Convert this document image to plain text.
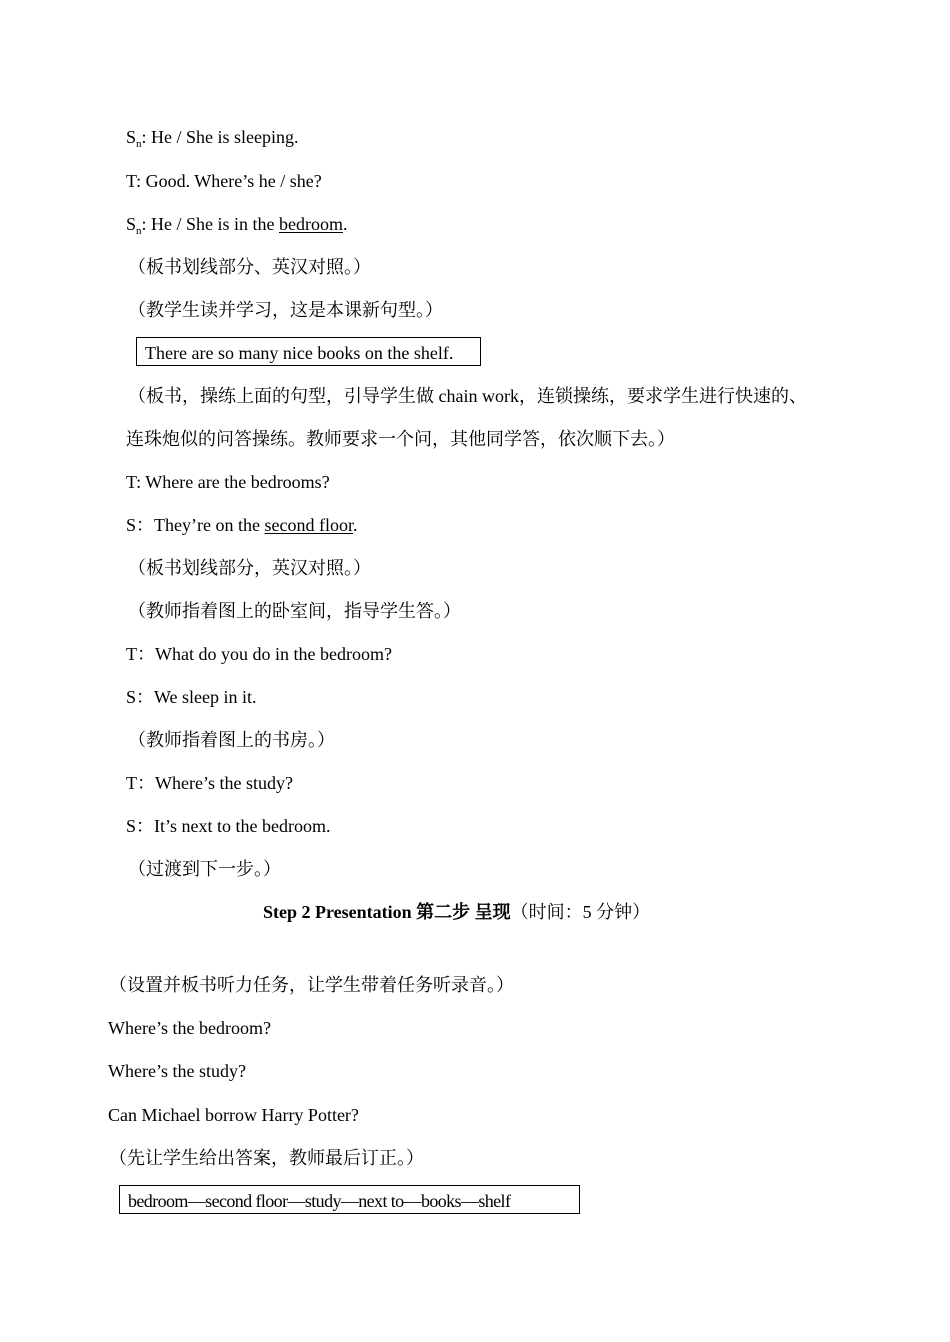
$S_n$: He / She is sleeping.
T: Good. Where’s he / she?
$S_n$: He / She is in the bedroom.
（板书划线部分、英汉对照。）
（教学生读并学习，这是本课新句型。）
There are so many nice books on the shelf.
（板书，操练上面的句型，引导学生做 chain work，连锁操练，要求学生进行快速的、
连珠炮似的问答操练。教师要求一个问，其他同学答，依次顺下去。）
T: Where are the bedrooms?
S：They’re on the second floor.
（板书划线部分，英汉对照。）
（教师指着图上的卧室间，指导学生答。）
T：What do you do in the bedroom?
S：We sleep in it.
（教师指着图上的书房。）
T：Where’s the study?
S：It’s next to the bedroom.
（过渡到下一步。）
Step 2 Presentation 第二步 呈现（时间：5 分钟）
（设置并板书听力任务，让学生带着任务听录音。）
Where’s the bedroom?
Where’s the study?
Can Michael borrow Harry Potter?
（先让学生给出答案，教师最后订正。）
bedroom—second floor—study—next to—books—shelf
